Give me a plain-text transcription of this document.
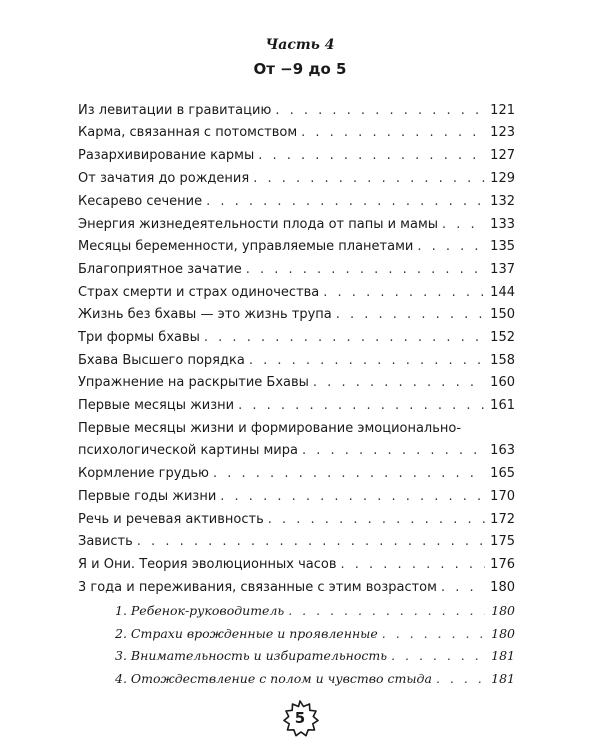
Часть 4
От −9 до 5
Из левитации в гравитацию . . .	121
Карма, связанная с потомством . . .	123
Разархивирование кармы . . .	127
От зачатия до рождения . . .	129
Кесарево сечение . . .	132
Энергия жизнедеятельности плода от папы и мамы . . .	133
Месяцы беременности, управляемые планетами . . .	135
Благоприятное зачатие . . .	137
Страх смерти и страх одиночества . . .	144
Жизнь без бхавы — это жизнь трупа . . .	150
Три формы бхавы . . .	152
Бхава Высшего порядка . . .	158
Упражнение на раскрытие Бхавы . . .	160
Первые месяцы жизни . . .	161
Первые месяцы жизни и формирование эмоционально-
психологической картины мира . . .	163
Кормление грудью . . .	165
Первые годы жизни . . .	170
Речь и речевая активность . . .	172
Зависть . . .	175
Я и Они. Теория эволюционных часов . . .	176
3 года и переживания, связанные с этим возрастом . . .	180
1. Ребенок-руководитель . . .	180
2. Страхи врожденные и проявленные . . .	180
3. Внимательность и избирательность . . .	181
4. Отождествление с полом и чувство стыда . . .	181
5
